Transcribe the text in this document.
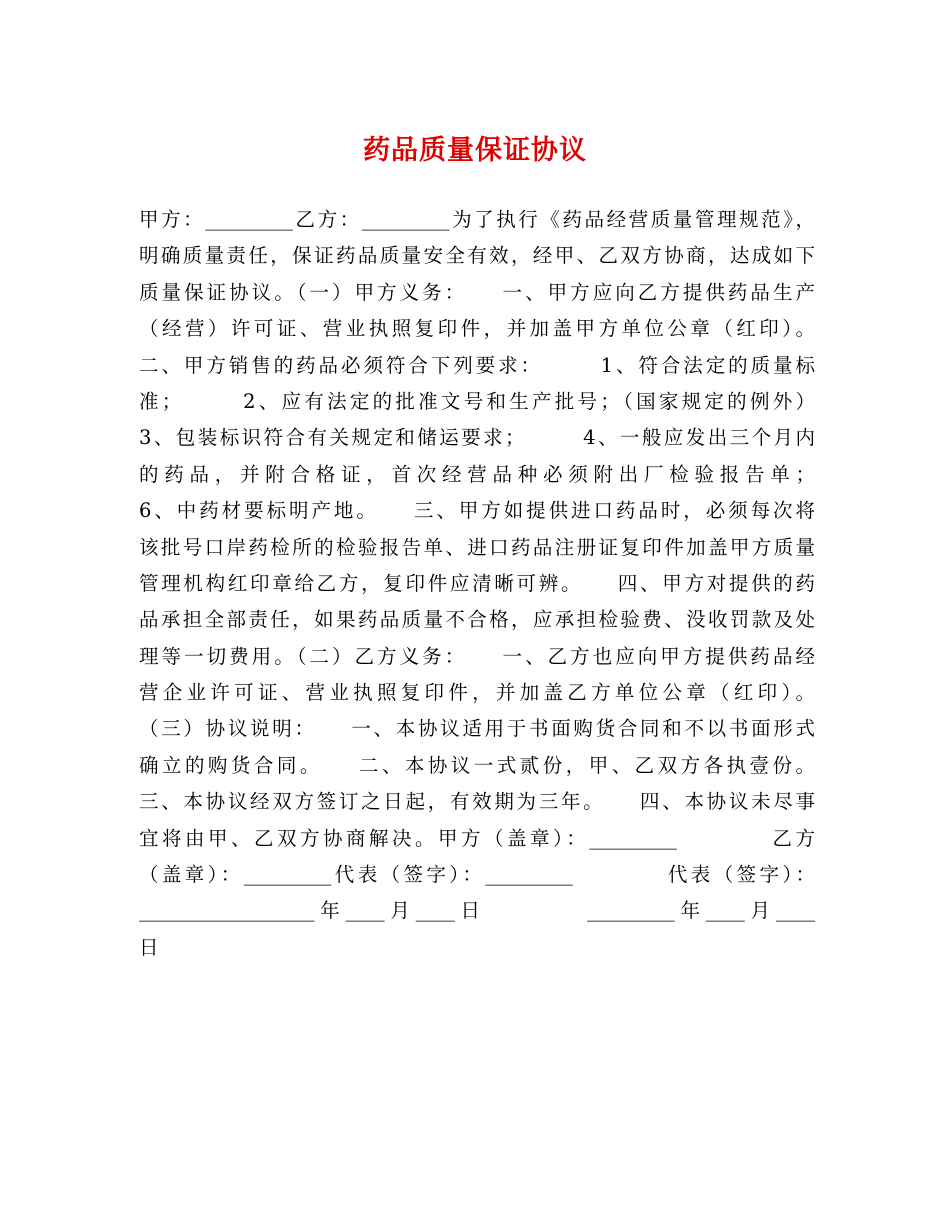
药品质量保证协议
甲方：_________乙方：_________为了执行《药品经营质量管理规范》，
明确质量责任，保证药品质量安全有效，经甲、乙双方协商，达成如下
质量保证协议。（一）甲方义务：　　一、甲方应向乙方提供药品生产
（经营）许可证、营业执照复印件，并加盖甲方单位公章（红印）。
二、甲方销售的药品必须符合下列要求：　　　1、符合法定的质量标
准；　　　2、应有法定的批准文号和生产批号；（国家规定的例外）
3、包装标识符合有关规定和储运要求；　　　4、一般应发出三个月内
的药品，并附合格证，首次经营品种必须附出厂检验报告单；
6、中药材要标明产地。　　三、甲方如提供进口药品时，必须每次将
该批号口岸药检所的检验报告单、进口药品注册证复印件加盖甲方质量
管理机构红印章给乙方，复印件应清晰可辨。　　四、甲方对提供的药
品承担全部责任，如果药品质量不合格，应承担检验费、没收罚款及处
理等一切费用。（二）乙方义务：　　一、乙方也应向甲方提供药品经
营企业许可证、营业执照复印件，并加盖乙方单位公章（红印）。
（三）协议说明：　　一、本协议适用于书面购货合同和不以书面形式
确立的购货合同。　　二、本协议一式贰份，甲、乙双方各执壹份。
三、本协议经双方签订之日起，有效期为三年。　　四、本协议未尽事
宜将由甲、乙双方协商解决。甲方（盖章）：_________　　　　乙方
（盖章）：_________代表（签字）：_________　　　　代表（签字）：
__________________年____月____日　　　　_________年____月____
日
